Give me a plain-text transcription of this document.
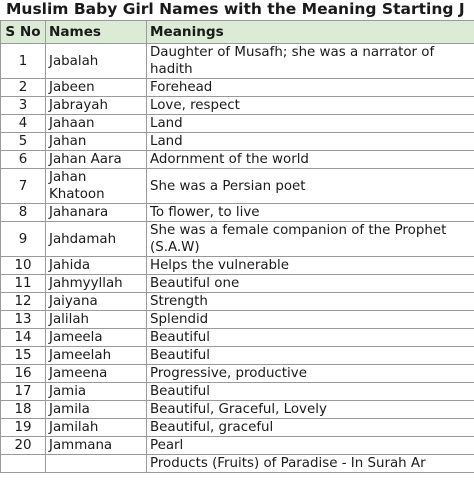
Muslim Baby Girl Names with the Meaning Starting J
S No	Names	Meanings
1	Jabalah	Daughter of Musafh; she was a narrator of hadith
2	Jabeen	Forehead
3	Jabrayah	Love, respect
4	Jahaan	Land
5	Jahan	Land
6	Jahan Aara	Adornment of the world
7	Jahan Khatoon	She was a Persian poet
8	Jahanara	To flower, to live
9	Jahdamah	She was a female companion of the Prophet (S.A.W)
10	Jahida	Helps the vulnerable
11	Jahmyyllah	Beautiful one
12	Jaiyana	Strength
13	Jalilah	Splendid
14	Jameela	Beautiful
15	Jameelah	Beautiful
16	Jameena	Progressive, productive
17	Jamia	Beautiful
18	Jamila	Beautiful, Graceful, Lovely
19	Jamilah	Beautiful, graceful
20	Jammana	Pearl
		Products (Fruits) of Paradise - In Surah Ar
